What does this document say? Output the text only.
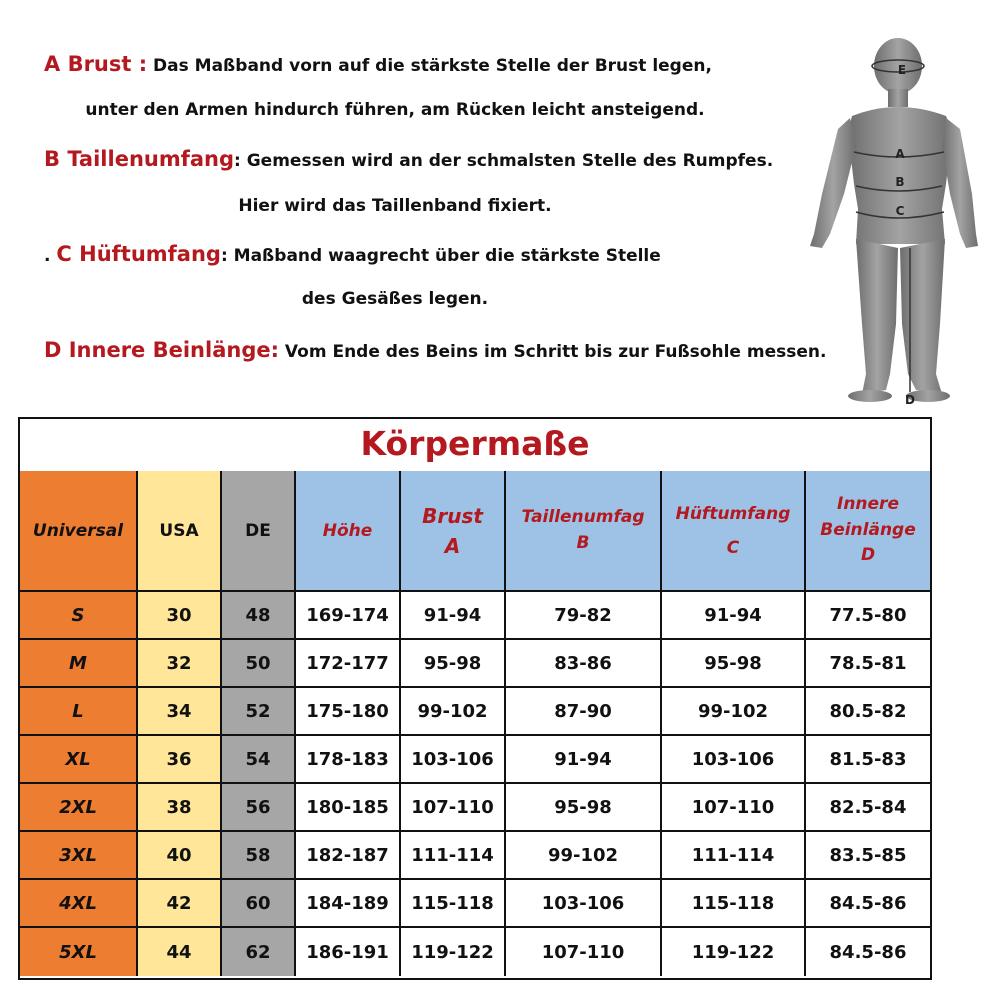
A Brust : Das Maßband vorn auf die stärkste Stelle der Brust legen,
unter den Armen hindurch führen, am Rücken leicht ansteigend.
B Taillenumfang: Gemessen wird an der schmalsten Stelle des Rumpfes.
Hier wird das Taillenband fixiert.
. C Hüftumfang: Maßband waagrecht über die stärkste Stelle
des Gesäßes legen.
D Innere Beinlänge: Vom Ende des Beins im Schritt bis zur Fußsohle messen.
E
A
B
C
D
Körpermaße
Universal
S
M
L
XL
2XL
3XL
4XL
5XL
USA
30
32
34
36
38
40
42
44
DE
48
50
52
54
56
58
60
62
Höhe
169-174
172-177
175-180
178-183
180-185
182-187
184-189
186-191
Brust
A
91-94
95-98
99-102
103-106
107-110
111-114
115-118
119-122
Taillenumfag
B
79-82
83-86
87-90
91-94
95-98
99-102
103-106
107-110
Hüftumfang
C
91-94
95-98
99-102
103-106
107-110
111-114
115-118
119-122
Innere
Beinlänge
D
77.5-80
78.5-81
80.5-82
81.5-83
82.5-84
83.5-85
84.5-86
84.5-86
